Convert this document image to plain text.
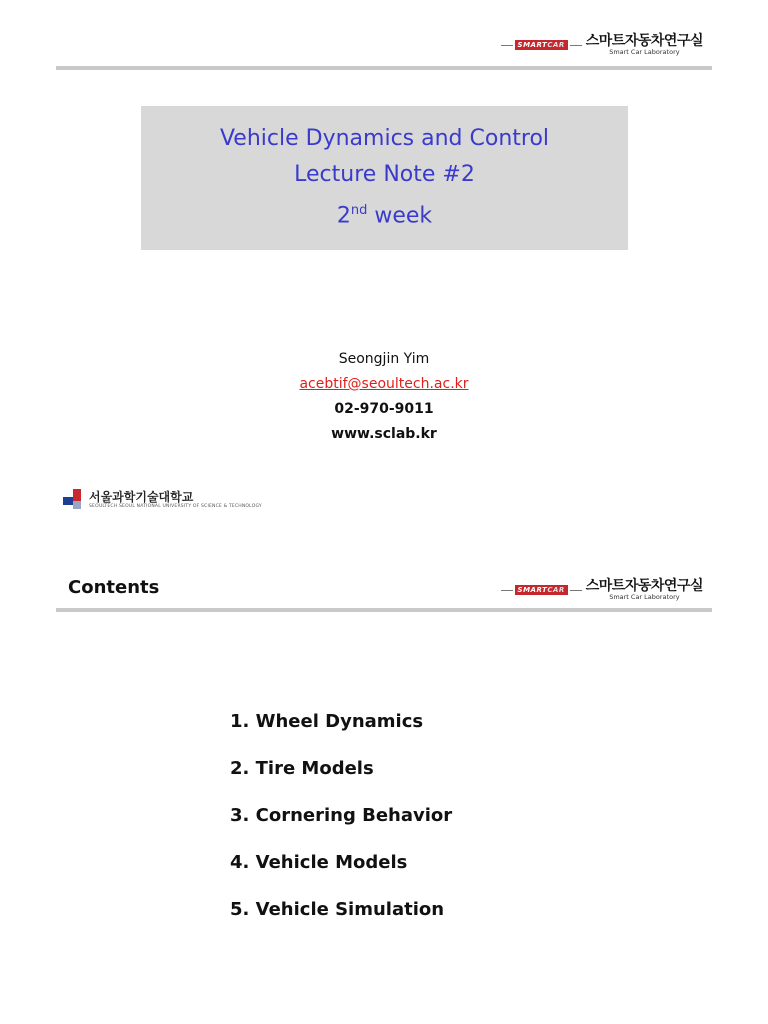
SMARTCAR 스마트자동차연구실
Smart Car Laboratory
Vehicle Dynamics and Control
Lecture Note #2
2nd week
Seongjin Yim
acebtif@seoultech.ac.kr
02-970-9011
www.sclab.kr
서울과학기술대학교
SEOULTECH SEOUL NATIONAL UNIVERSITY OF SCIENCE & TECHNOLOGY
Contents	SMARTCAR 스마트자동차연구실
Smart Car Laboratory
1. Wheel Dynamics
2. Tire Models
3. Cornering Behavior
4. Vehicle Models
5. Vehicle Simulation
